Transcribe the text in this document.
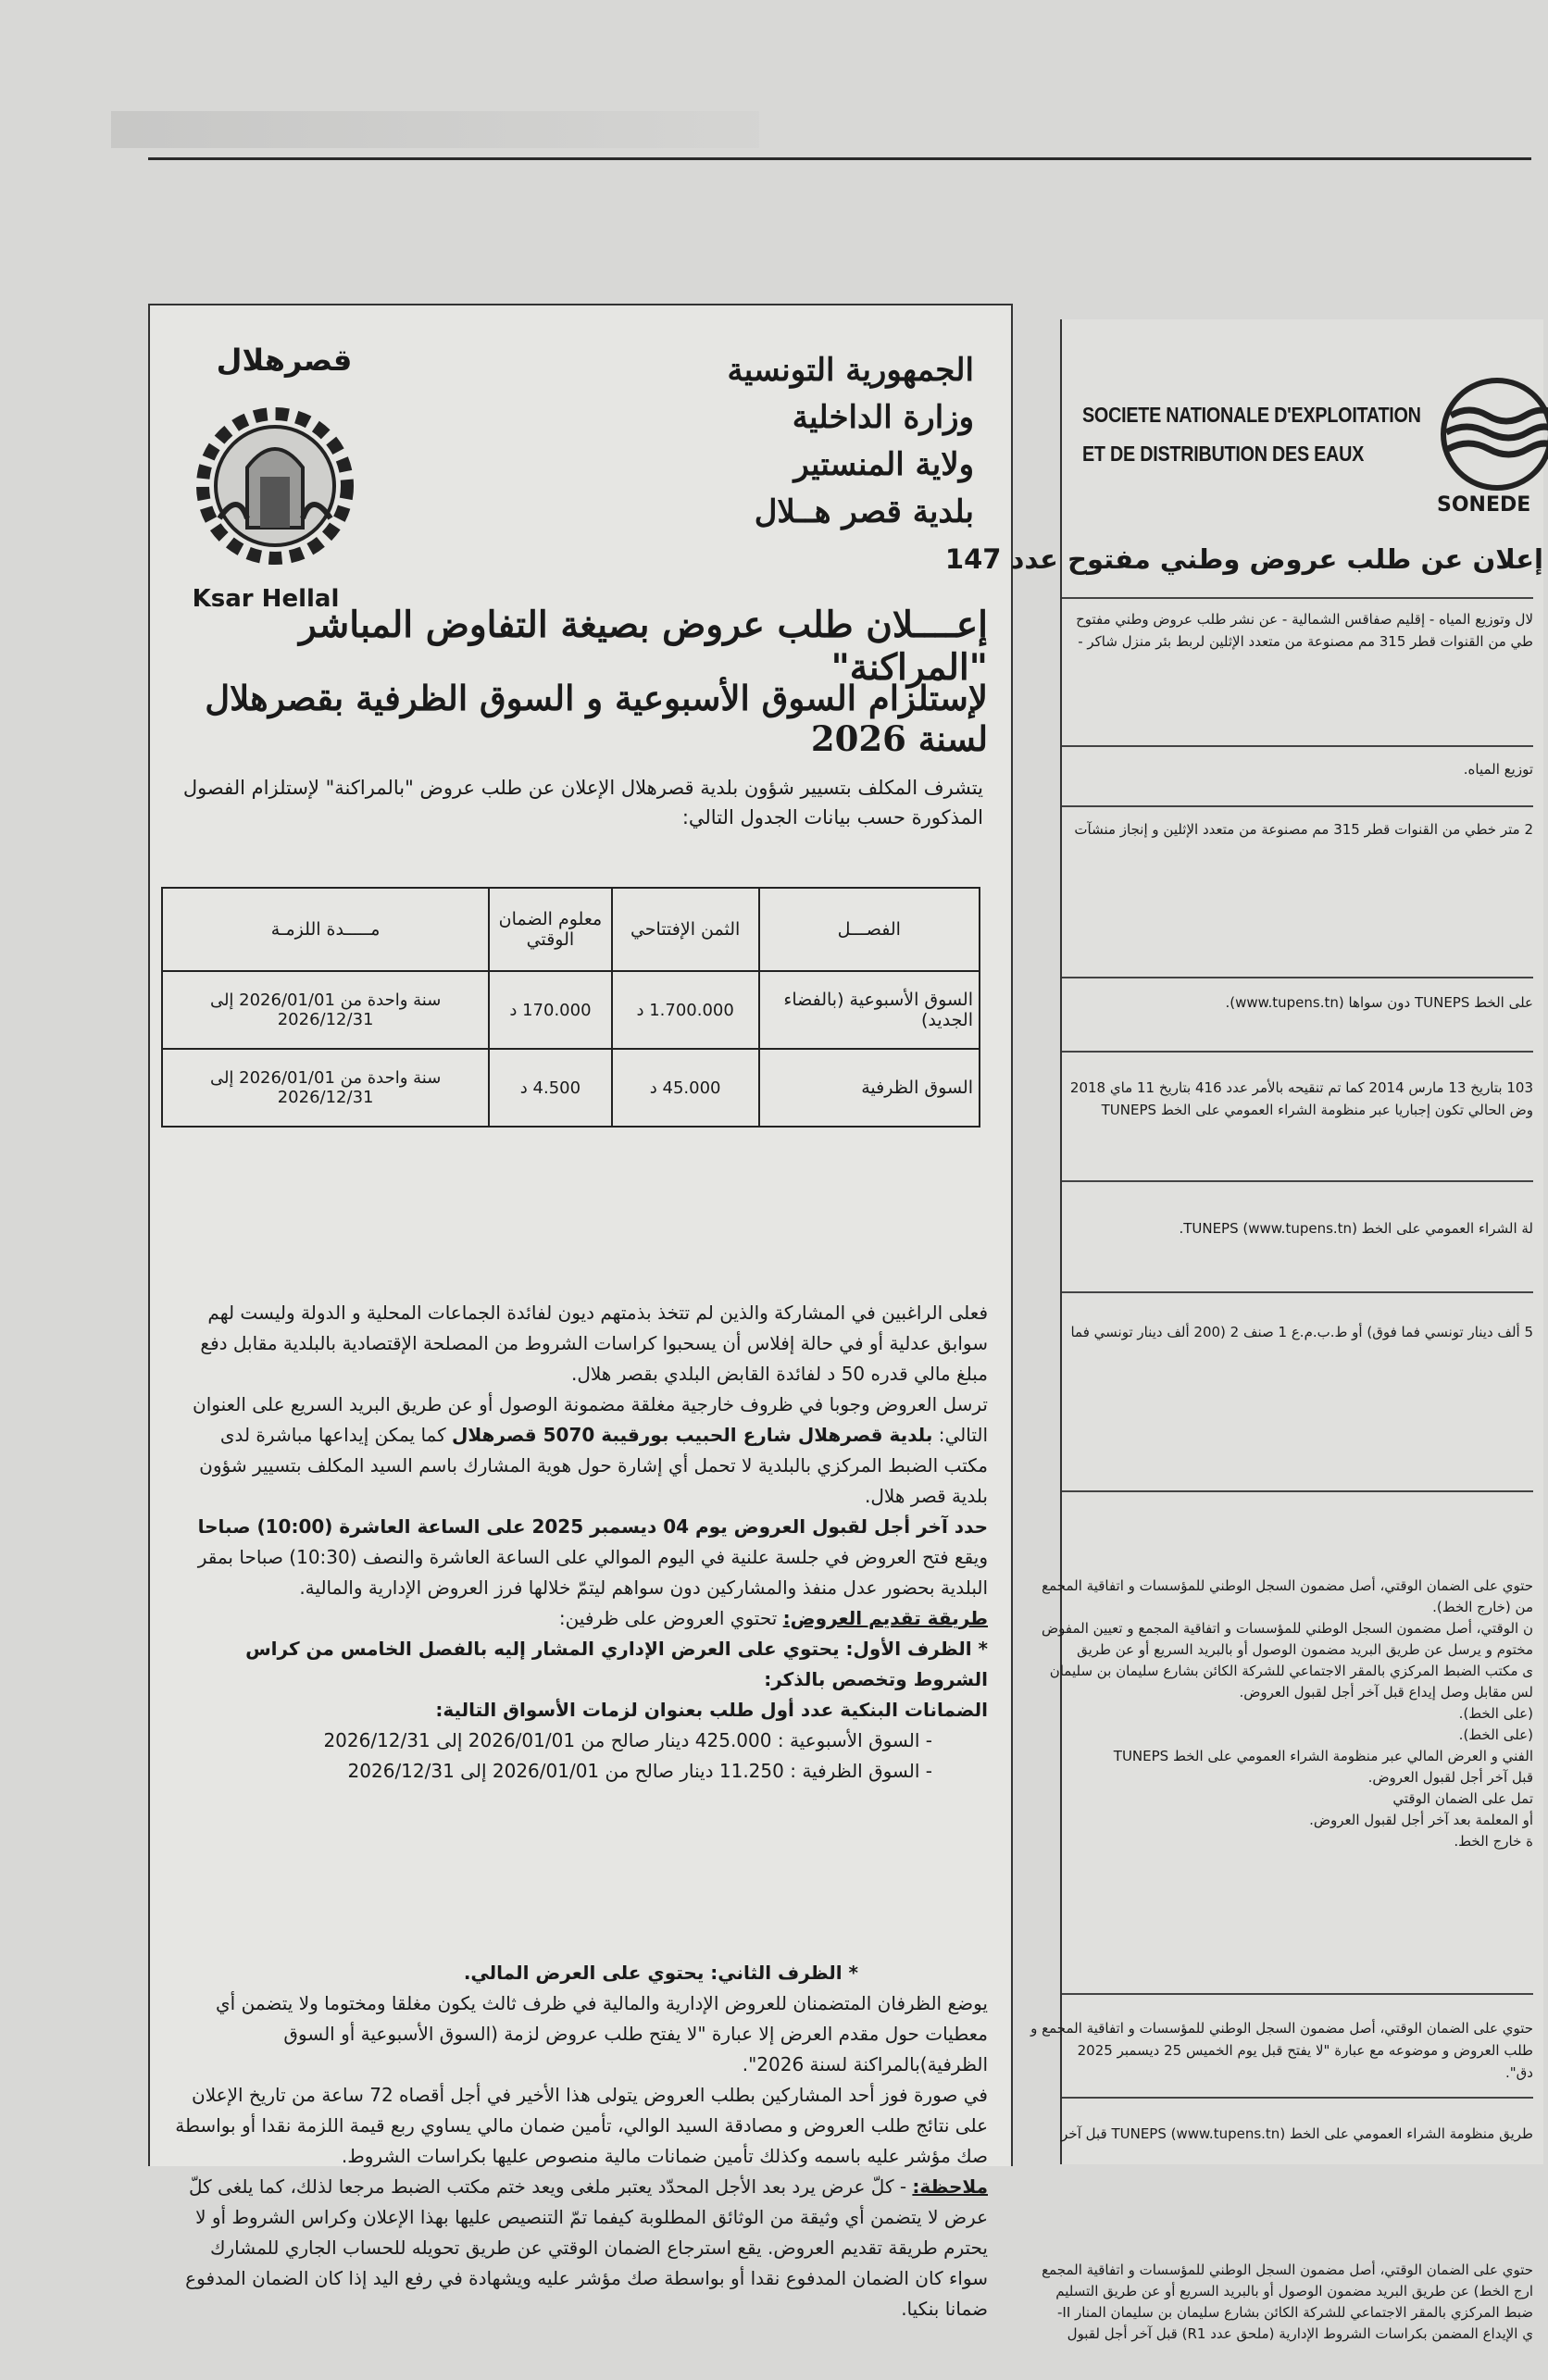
الجمهورية التونسية
وزارة الداخلية
ولاية المنستير
بلدية قصر هــلال
قصرهلال
Ksar Hellal
إعــــلان طلب عروض بصيغة التفاوض المباشر "المراكنة"
لإستلزام السوق الأسبوعية و السوق الظرفية بقصرهلال لسنة 2026
يتشرف المكلف بتسيير شؤون بلدية قصرهلال الإعلان عن طلب عروض "بالمراكنة" لإستلزام الفصول المذكورة حسب بيانات الجدول التالي:
الفصـــل	الثمن الإفتتاحي	معلوم الضمان الوقتي	مـــــدة اللزمـة
السوق الأسبوعية (بالفضاء الجديد)	1.700.000 د	170.000 د	سنة واحدة من 2026/01/01 إلى 2026/12/31
السوق الظرفية	45.000 د	4.500 د	سنة واحدة من 2026/01/01 إلى 2026/12/31

فعلى الراغبين في المشاركة والذين لم تتخذ بذمتهم ديون لفائدة الجماعات المحلية و الدولة وليست لهم سوابق عدلية أو في حالة إفلاس أن يسحبوا كراسات الشروط من المصلحة الإقتصادية بالبلدية مقابل دفع مبلغ مالي قدره 50 د لفائدة القابض البلدي بقصر هلال.

ترسل العروض وجوبا في ظروف خارجية مغلقة مضمونة الوصول أو عن طريق البريد السريع على العنوان التالي: بلدية قصرهلال شارع الحبيب بورقيبة 5070 قصرهلال كما يمكن إيداعها مباشرة لدى مكتب الضبط المركزي بالبلدية لا تحمل أي إشارة حول هوية المشارك باسم السيد المكلف بتسيير شؤون بلدية قصر هلال.

حدد آخر أجل لقبول العروض يوم 04 ديسمبر 2025 على الساعة العاشرة (10:00) صباحا ويقع فتح العروض في جلسة علنية في اليوم الموالي على الساعة العاشرة والنصف (10:30) صباحا بمقر البلدية بحضور عدل منفذ والمشاركين دون سواهم ليتمّ خلالها فرز العروض الإدارية والمالية.

طريقة تقديم العروض: تحتوي العروض على ظرفين:

* الظرف الأول: يحتوي على العرض الإداري المشار إليه بالفصل الخامس من كراس الشروط وتخصص بالذكر:

الضمانات البنكية عدد أول طلب بعنوان لزمات الأسواق التالية:

- السوق الأسبوعية : 425.000 دينار صالح من 2026/01/01 إلى 2026/12/31

- السوق الظرفية : 11.250 دينار صالح من 2026/01/01 إلى 2026/12/31

* الظرف الثاني: يحتوي على العرض المالي.

يوضع الظرفان المتضمنان للعروض الإدارية والمالية في ظرف ثالث يكون مغلقا ومختوما ولا يتضمن أي معطيات حول مقدم العرض إلا عبارة "لا يفتح طلب عروض لزمة (السوق الأسبوعية أو السوق الظرفية)بالمراكنة لسنة 2026".

في صورة فوز أحد المشاركين بطلب العروض يتولى هذا الأخير في أجل أقصاه 72 ساعة من تاريخ الإعلان على نتائج طلب العروض و مصادقة السيد الوالي، تأمين ضمان مالي يساوي ربع قيمة اللزمة نقدا أو بواسطة صك مؤشر عليه باسمه وكذلك تأمين ضمانات مالية منصوص عليها بكراسات الشروط.

ملاحظة: - كلّ عرض يرد بعد الأجل المحدّد يعتبر ملغى ويعد ختم مكتب الضبط مرجعا لذلك، كما يلغى كلّ عرض لا يتضمن أي وثيقة من الوثائق المطلوبة كيفما تمّ التنصيص عليها بهذا الإعلان وكراس الشروط أو لا يحترم طريقة تقديم العروض. يقع استرجاع الضمان الوقتي عن طريق تحويله للحساب الجاري للمشارك سواء كان الضمان المدفوع نقدا أو بواسطة صك مؤشر عليه ويشهادة في رفع اليد إذا كان الضمان المدفوع ضمانا بنكيا.

SOCIETE NATIONALE D'EXPLOITATION
ET DE DISTRIBUTION DES EAUX
SONEDE
إعلان عن طلب عروض وطني مفتوح عدد 147

لال وتوزيع المياه - إقليم صفاقس الشمالية - عن نشر طلب عروض وطني مفتوح

طي من القنوات قطر 315 مم مصنوعة من متعدد الإثلين لربط بئر منزل شاكر -

توزيع المياه.

2 متر خطي من القنوات قطر 315 مم مصنوعة من متعدد الإثلين و إنجاز منشآت

على الخط TUNEPS دون سواها (www.tupens.tn).

103 بتاريخ 13 مارس 2014 كما تم تنقيحه بالأمر عدد 416 بتاريخ 11 ماي 2018

وض الحالي تكون إجباريا عبر منظومة الشراء العمومي على الخط TUNEPS

لة الشراء العمومي على الخط (TUNEPS (www.tupens.tn.

5 ألف دينار تونسي فما فوق) أو ط.ب.م.ع 1 صنف 2 (200 ألف دينار تونسي فما

حتوي على الضمان الوقتي، أصل مضمون السجل الوطني للمؤسسات و اتفاقية المجمع

من (خارج الخط).

ن الوقتي، أصل مضمون السجل الوطني للمؤسسات و اتفاقية المجمع و تعيين المفوض

مختوم و يرسل عن طريق البريد مضمون الوصول أو بالبريد السريع أو عن طريق

ى مكتب الضبط المركزي بالمقر الاجتماعي للشركة الكائن بشارع سليمان بن سليمان

لس مقابل وصل إيداع قبل آخر أجل لقبول العروض.

(على الخط).

(على الخط).

الفني و العرض المالي عبر منظومة الشراء العمومي على الخط TUNEPS

قبل آخر أجل لقبول العروض.

تمل على الضمان الوقتي

أو المعلمة بعد آخر أجل لقبول العروض.

ة خارج الخط.

حتوي على الضمان الوقتي، أصل مضمون السجل الوطني للمؤسسات و اتفاقية المجمع و

طلب العروض و موضوعه مع عبارة "لا يفتح قبل يوم الخميس 25 ديسمبر 2025

دق".

طريق منظومة الشراء العمومي على الخط (TUNEPS (www.tupens.tn قبل آخر

حتوي على الضمان الوقتي، أصل مضمون السجل الوطني للمؤسسات و اتفاقية المجمع

ارج الخط) عن طريق البريد مضمون الوصول أو بالبريد السريع أو عن طريق التسليم

ضبط المركزي بالمقر الاجتماعي للشركة الكائن بشارع سليمان بن سليمان المنار II-

ي الإيداع المضمن بكراسات الشروط الإدارية (ملحق عدد R1) قبل آخر أجل لقبول
